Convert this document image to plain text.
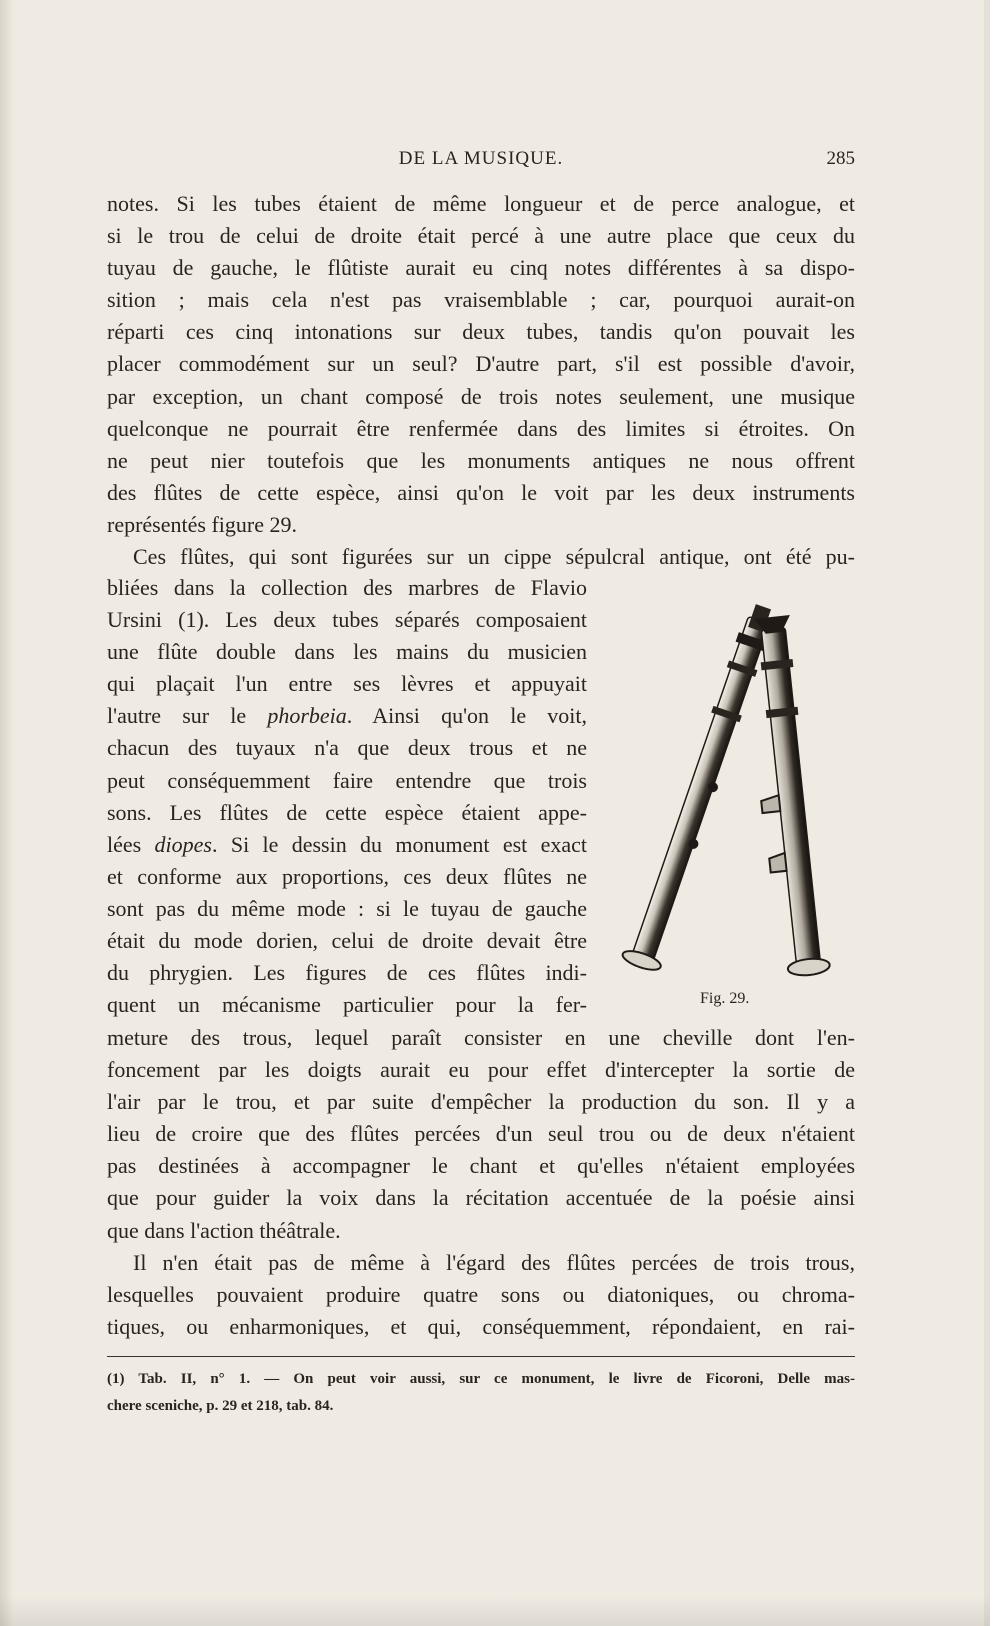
DE LA MUSIQUE.	285
notes. Si les tubes étaient de même longueur et de perce analogue, et
si le trou de celui de droite était percé à une autre place que ceux du
tuyau de gauche, le flûtiste aurait eu cinq notes différentes à sa dispo-
sition ; mais cela n'est pas vraisemblable ; car, pourquoi aurait-on
réparti ces cinq intonations sur deux tubes, tandis qu'on pouvait les
placer commodément sur un seul? D'autre part, s'il est possible d'avoir,
par exception, un chant composé de trois notes seulement, une musique
quelconque ne pourrait être renfermée dans des limites si étroites. On
ne peut nier toutefois que les monuments antiques ne nous offrent
des flûtes de cette espèce, ainsi qu'on le voit par les deux instruments
représentés figure 29.
Ces flûtes, qui sont figurées sur un cippe sépulcral antique, ont été pu-
bliées dans la collection des marbres de Flavio
Ursini (1). Les deux tubes séparés composaient
une flûte double dans les mains du musicien
qui plaçait l'un entre ses lèvres et appuyait
l'autre sur le phorbeia. Ainsi qu'on le voit,
chacun des tuyaux n'a que deux trous et ne
peut conséquemment faire entendre que trois
sons. Les flûtes de cette espèce étaient appe-
lées diopes. Si le dessin du monument est exact
et conforme aux proportions, ces deux flûtes ne
sont pas du même mode : si le tuyau de gauche
était du mode dorien, celui de droite devait être
du phrygien. Les figures de ces flûtes indi-
quent un mécanisme particulier pour la fer-	Fig. 29.
meture des trous, lequel paraît consister en une cheville dont l'en-
foncement par les doigts aurait eu pour effet d'intercepter la sortie de
l'air par le trou, et par suite d'empêcher la production du son. Il y a
lieu de croire que des flûtes percées d'un seul trou ou de deux n'étaient
pas destinées à accompagner le chant et qu'elles n'étaient employées
que pour guider la voix dans la récitation accentuée de la poésie ainsi
que dans l'action théâtrale.
Il n'en était pas de même à l'égard des flûtes percées de trois trous,
lesquelles pouvaient produire quatre sons ou diatoniques, ou chroma-
tiques, ou enharmoniques, et qui, conséquemment, répondaient, en rai-
(1) Tab. II, n° 1. — On peut voir aussi, sur ce monument, le livre de Ficoroni, Delle mas-
chere sceniche, p. 29 et 218, tab. 84.
